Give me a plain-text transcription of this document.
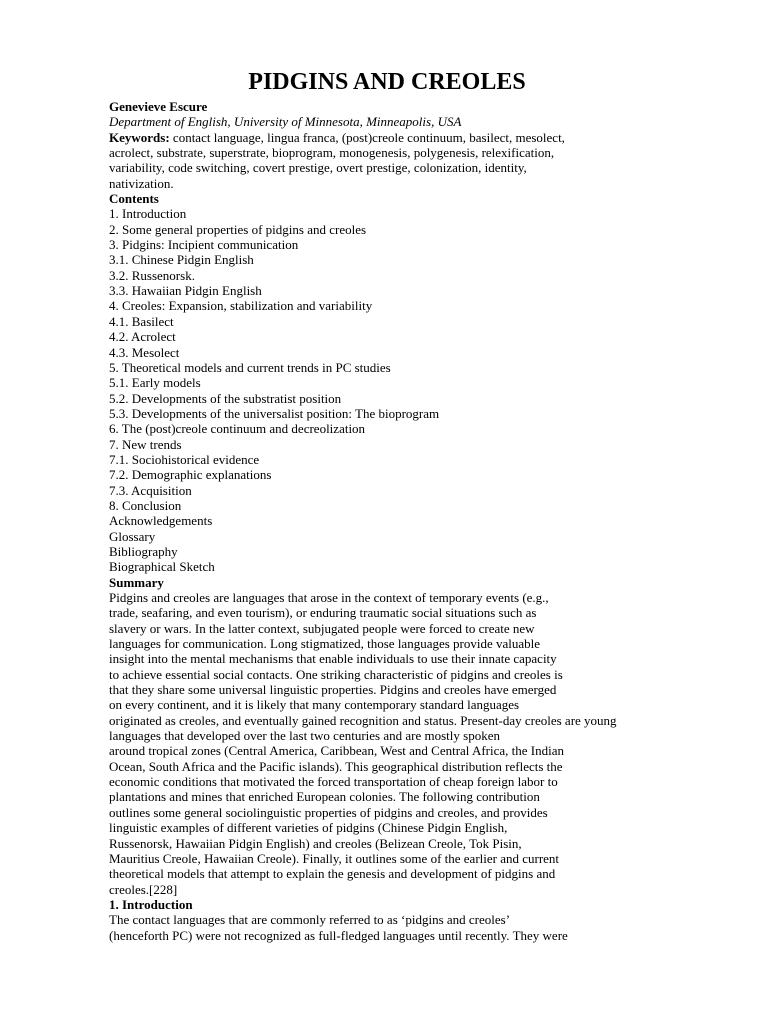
PIDGINS AND CREOLES
Genevieve Escure
Department of English, University of Minnesota, Minneapolis, USA
Keywords: contact language, lingua franca, (post)creole continuum, basilect, mesolect,
acrolect, substrate, superstrate, bioprogram, monogenesis, polygenesis, relexification,
variability, code switching, covert prestige, overt prestige, colonization, identity,
nativization.
Contents
1. Introduction
2. Some general properties of pidgins and creoles
3. Pidgins: Incipient communication
3.1. Chinese Pidgin English
3.2. Russenorsk.
3.3. Hawaiian Pidgin English
4. Creoles: Expansion, stabilization and variability
4.1. Basilect
4.2. Acrolect
4.3. Mesolect
5. Theoretical models and current trends in PC studies
5.1. Early models
5.2. Developments of the substratist position
5.3. Developments of the universalist position: The bioprogram
6. The (post)creole continuum and decreolization
7. New trends
7.1. Sociohistorical evidence
7.2. Demographic explanations
7.3. Acquisition
8. Conclusion
Acknowledgements
Glossary
Bibliography
Biographical Sketch
Summary
Pidgins and creoles are languages that arose in the context of temporary events (e.g.,
trade, seafaring, and even tourism), or enduring traumatic social situations such as
slavery or wars. In the latter context, subjugated people were forced to create new
languages for communication. Long stigmatized, those languages provide valuable
insight into the mental mechanisms that enable individuals to use their innate capacity
to achieve essential social contacts. One striking characteristic of pidgins and creoles is
that they share some universal linguistic properties. Pidgins and creoles have emerged
on every continent, and it is likely that many contemporary standard languages
originated as creoles, and eventually gained recognition and status. Present-day creoles are young
languages that developed over the last two centuries and are mostly spoken
around tropical zones (Central America, Caribbean, West and Central Africa, the Indian
Ocean, South Africa and the Pacific islands). This geographical distribution reflects the
economic conditions that motivated the forced transportation of cheap foreign labor to
plantations and mines that enriched European colonies. The following contribution
outlines some general sociolinguistic properties of pidgins and creoles, and provides
linguistic examples of different varieties of pidgins (Chinese Pidgin English,
Russenorsk, Hawaiian Pidgin English) and creoles (Belizean Creole, Tok Pisin,
Mauritius Creole, Hawaiian Creole). Finally, it outlines some of the earlier and current
theoretical models that attempt to explain the genesis and development of pidgins and
creoles.[228]
1. Introduction
The contact languages that are commonly referred to as ‘pidgins and creoles’
(henceforth PC) were not recognized as full-fledged languages until recently. They were
